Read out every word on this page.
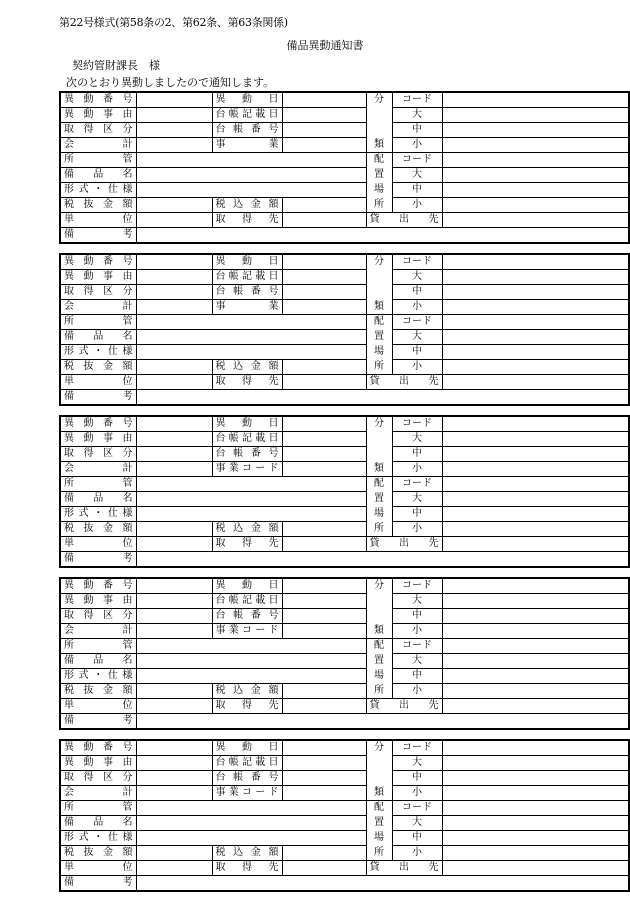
第22号様式(第58条の2、第62条、第63条関係)
備品異動通知書
契約管財課長　様
次のとおり異動しましたので通知します。
異 動 番 号		異 動 日		分	コード	
異 動 事 由		台帳記載日			大	
取 得 区 分		台 帳 番 号			中	
会 計		事 業		類	小	
所 管				配	コード	
備 品 名				置	大	
形式・仕様				場	中	
税 抜 金 額		税 込 金 額		所	小	
単 位		取 得 先		貸 出 先		
備 考						
異 動 番 号		異 動 日		分	コード	
異 動 事 由		台帳記載日			大	
取 得 区 分		台 帳 番 号			中	
会 計		事 業		類	小	
所 管				配	コード	
備 品 名				置	大	
形式・仕様				場	中	
税 抜 金 額		税 込 金 額		所	小	
単 位		取 得 先		貸 出 先		
備 考						
異 動 番 号		異 動 日		分	コード	
異 動 事 由		台帳記載日			大	
取 得 区 分		台 帳 番 号			中	
会 計		事業コード		類	小	
所 管				配	コード	
備 品 名				置	大	
形式・仕様				場	中	
税 抜 金 額		税 込 金 額		所	小	
単 位		取 得 先		貸 出 先		
備 考						
異 動 番 号		異 動 日		分	コード	
異 動 事 由		台帳記載日			大	
取 得 区 分		台 帳 番 号			中	
会 計		事業コード		類	小	
所 管				配	コード	
備 品 名				置	大	
形式・仕様				場	中	
税 抜 金 額		税 込 金 額		所	小	
単 位		取 得 先		貸 出 先		
備 考						
異 動 番 号		異 動 日		分	コード	
異 動 事 由		台帳記載日			大	
取 得 区 分		台 帳 番 号			中	
会 計		事業コード		類	小	
所 管				配	コード	
備 品 名				置	大	
形式・仕様				場	中	
税 抜 金 額		税 込 金 額		所	小	
単 位		取 得 先		貸 出 先		
備 考						
